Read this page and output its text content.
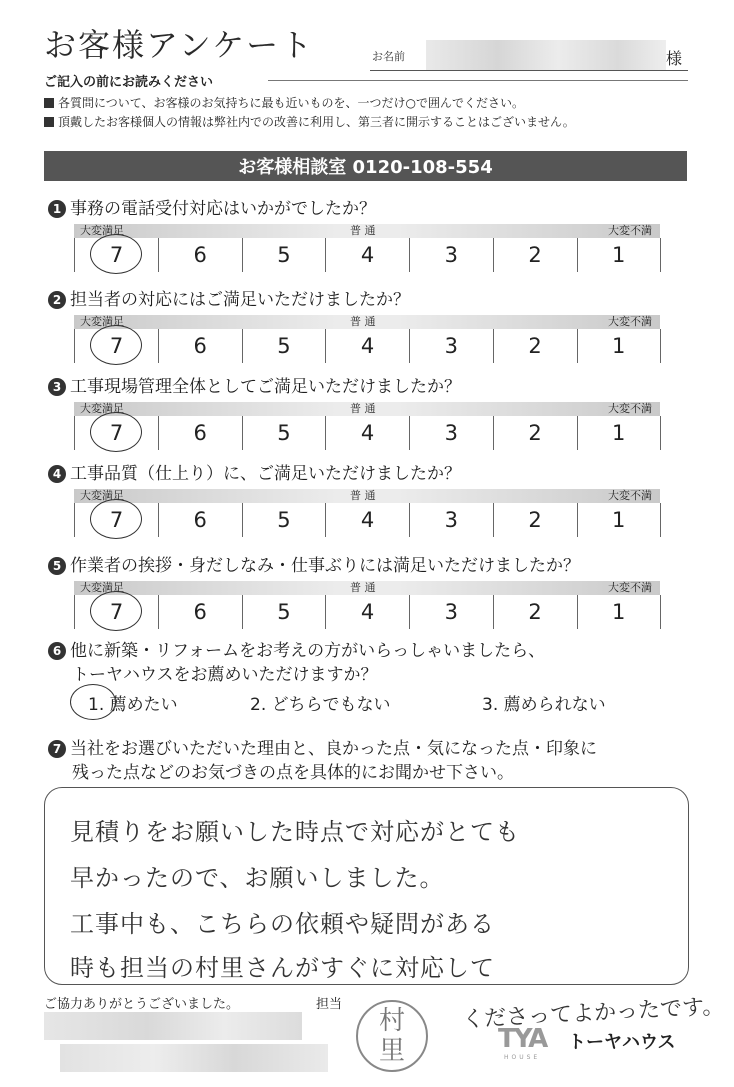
お客様アンケート	お名前	様
ご記入の前にお読みください
各質問について、お客様のお気持ちに最も近いものを、一つだけ○で囲んでください。
頂戴したお客様個人の情報は弊社内での改善に利用し、第三者に開示することはございません。
お客様相談室 0120-108-554
1 事務の電話受付対応はいかがでしたか？
大変満足	普 通	大変不満
7	6	5	4	3	2	1
2 担当者の対応にはご満足いただけましたか？
大変満足	普 通	大変不満
7	6	5	4	3	2	1
3 工事現場管理全体としてご満足いただけましたか？
大変満足	普 通	大変不満
7	6	5	4	3	2	1
4 工事品質（仕上り）に、ご満足いただけましたか？
大変満足	普 通	大変不満
7	6	5	4	3	2	1
5 作業者の挨拶・身だしなみ・仕事ぶりには満足いただけましたか？
大変満足	普 通	大変不満
7	6	5	4	3	2	1
6 他に新築・リフォームをお考えの方がいらっしゃいましたら、
トーヤハウスをお薦めいただけますか？
1. 薦めたい	2. どちらでもない	3. 薦められない
7 当社をお選びいただいた理由と、良かった点・気になった点・印象に
残った点などのお気づきの点を具体的にお聞かせ下さい。
見積りをお願いした時点で対応がとても
早かったので、お願いしました。
工事中も、こちらの依頼や疑問がある
時も担当の村里さんがすぐに対応して
ご協力ありがとうございました。	担当
村
里
くださってよかったです。
TYA
HOUSE
トーヤハウス
